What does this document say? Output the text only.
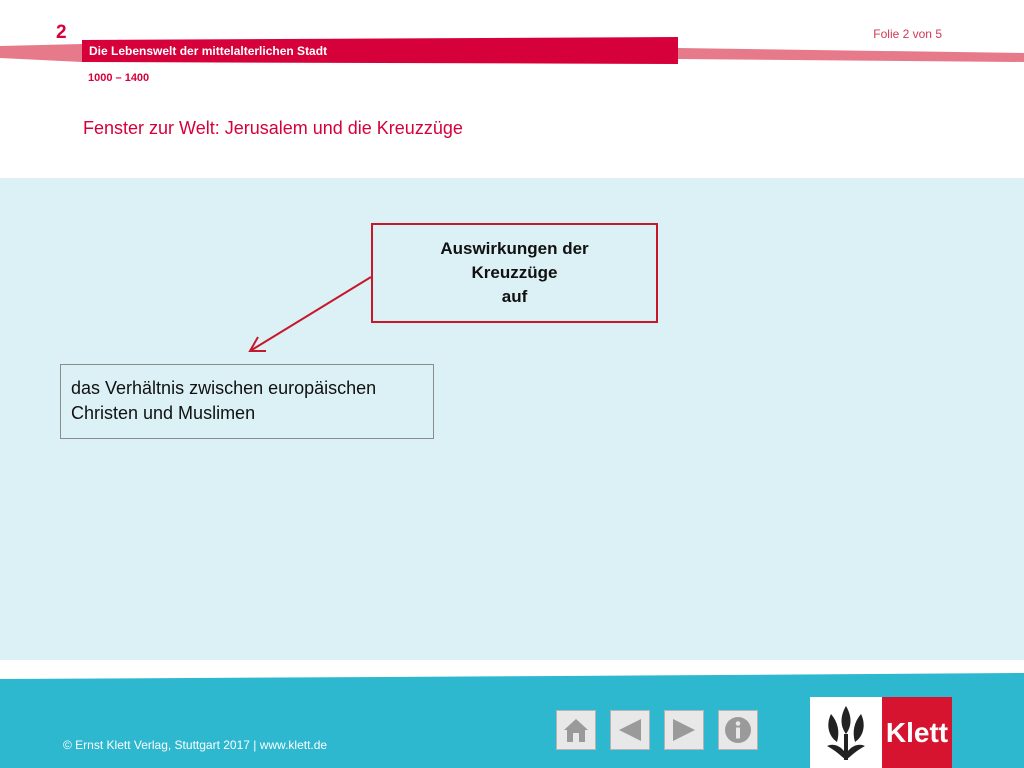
2	Folie 2 von 5
Die Lebenswelt der mittelalterlichen Stadt
1000 – 1400
Fenster zur Welt: Jerusalem und die Kreuzzüge
Auswirkungen der
Kreuzzüge
auf
das Verhältnis zwischen europäischen
Christen und Muslimen
© Ernst Klett Verlag, Stuttgart 2017 | www.klett.de	Klett
